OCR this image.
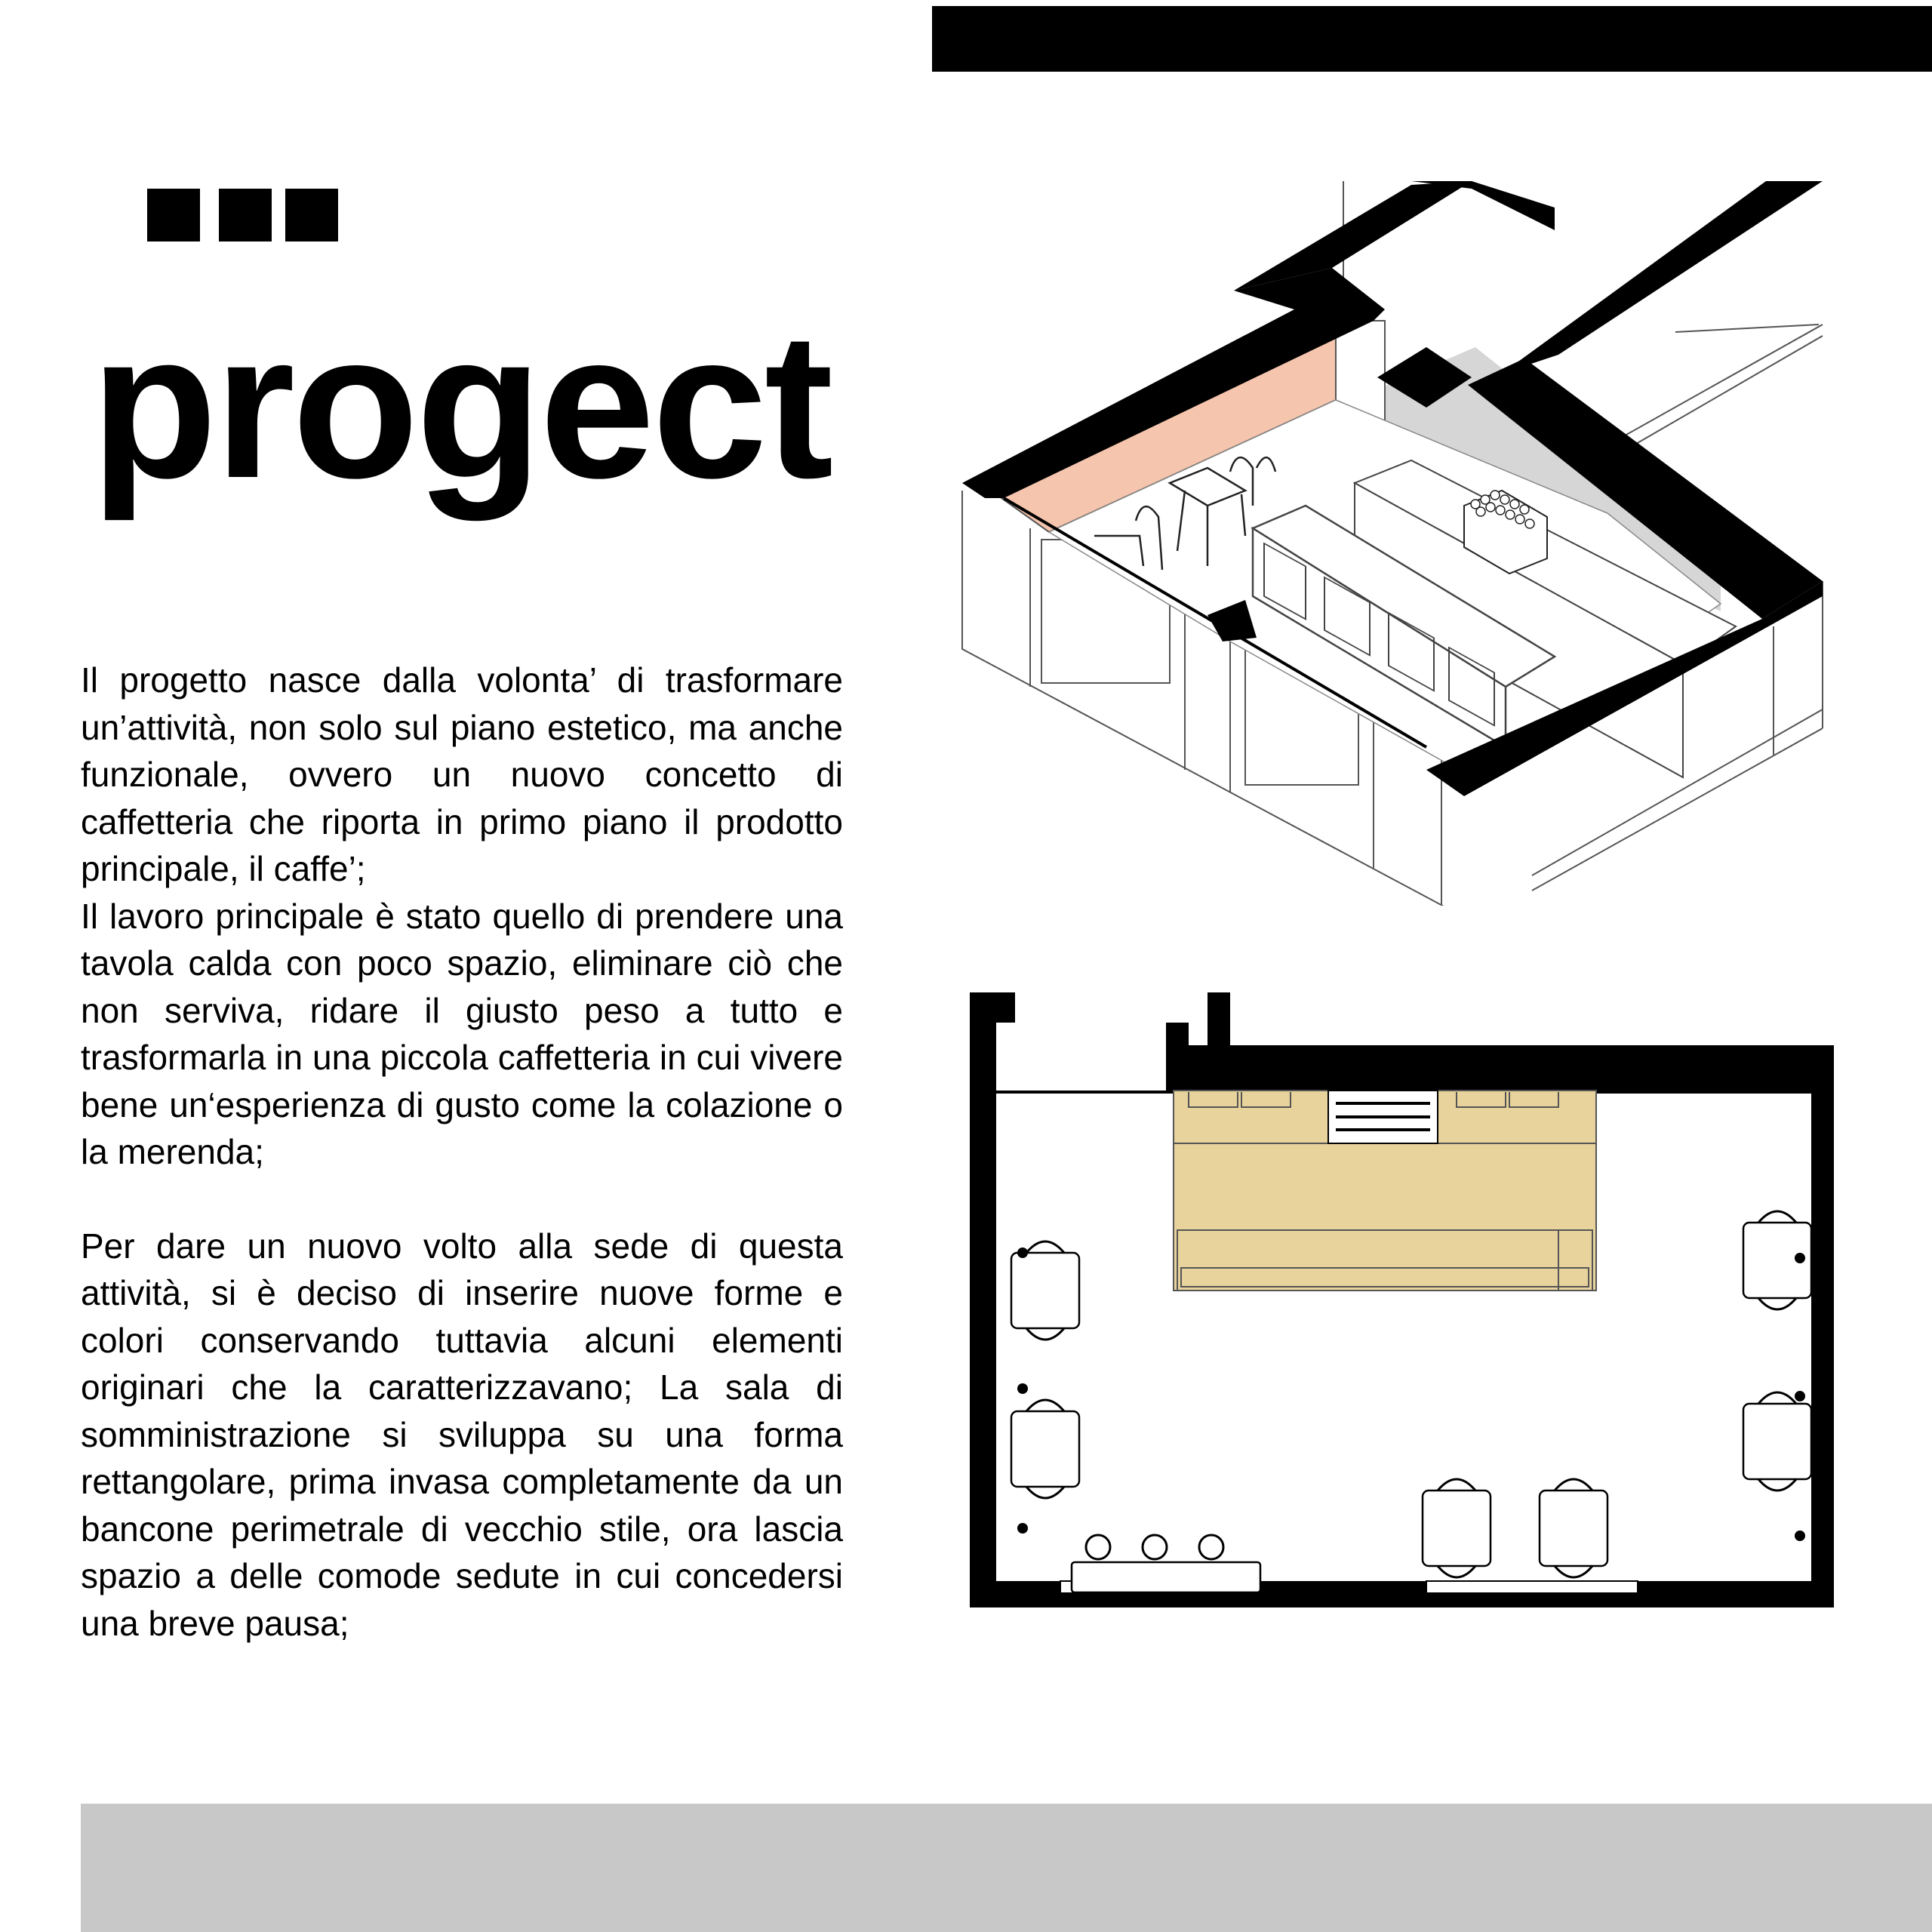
progect

Il progetto nasce dalla volonta’ di trasformare un’attività, non solo sul piano estetico, ma anche funzionale, ovvero un nuovo concetto di caffetteria che riporta in primo piano il prodotto principale, il caffe’;

Il lavoro principale è stato quello di prendere una tavola calda con poco spazio, eliminare ciò che non serviva, ridare il giusto peso a tutto e trasformarla in una piccola caffetteria in cui vivere bene un‘esperienza di gusto come la colazione o la merenda;

Per dare un nuovo volto alla sede di questa attività, si è deciso di inserire nuove forme e colori conservando tuttavia alcuni elementi originari che la caratterizzavano; La sala di somministrazione si sviluppa su una forma rettangolare, prima invasa completamente da un bancone perimetrale di vecchio stile, ora lascia spazio a delle comode sedute in cui concedersi una breve pausa;
